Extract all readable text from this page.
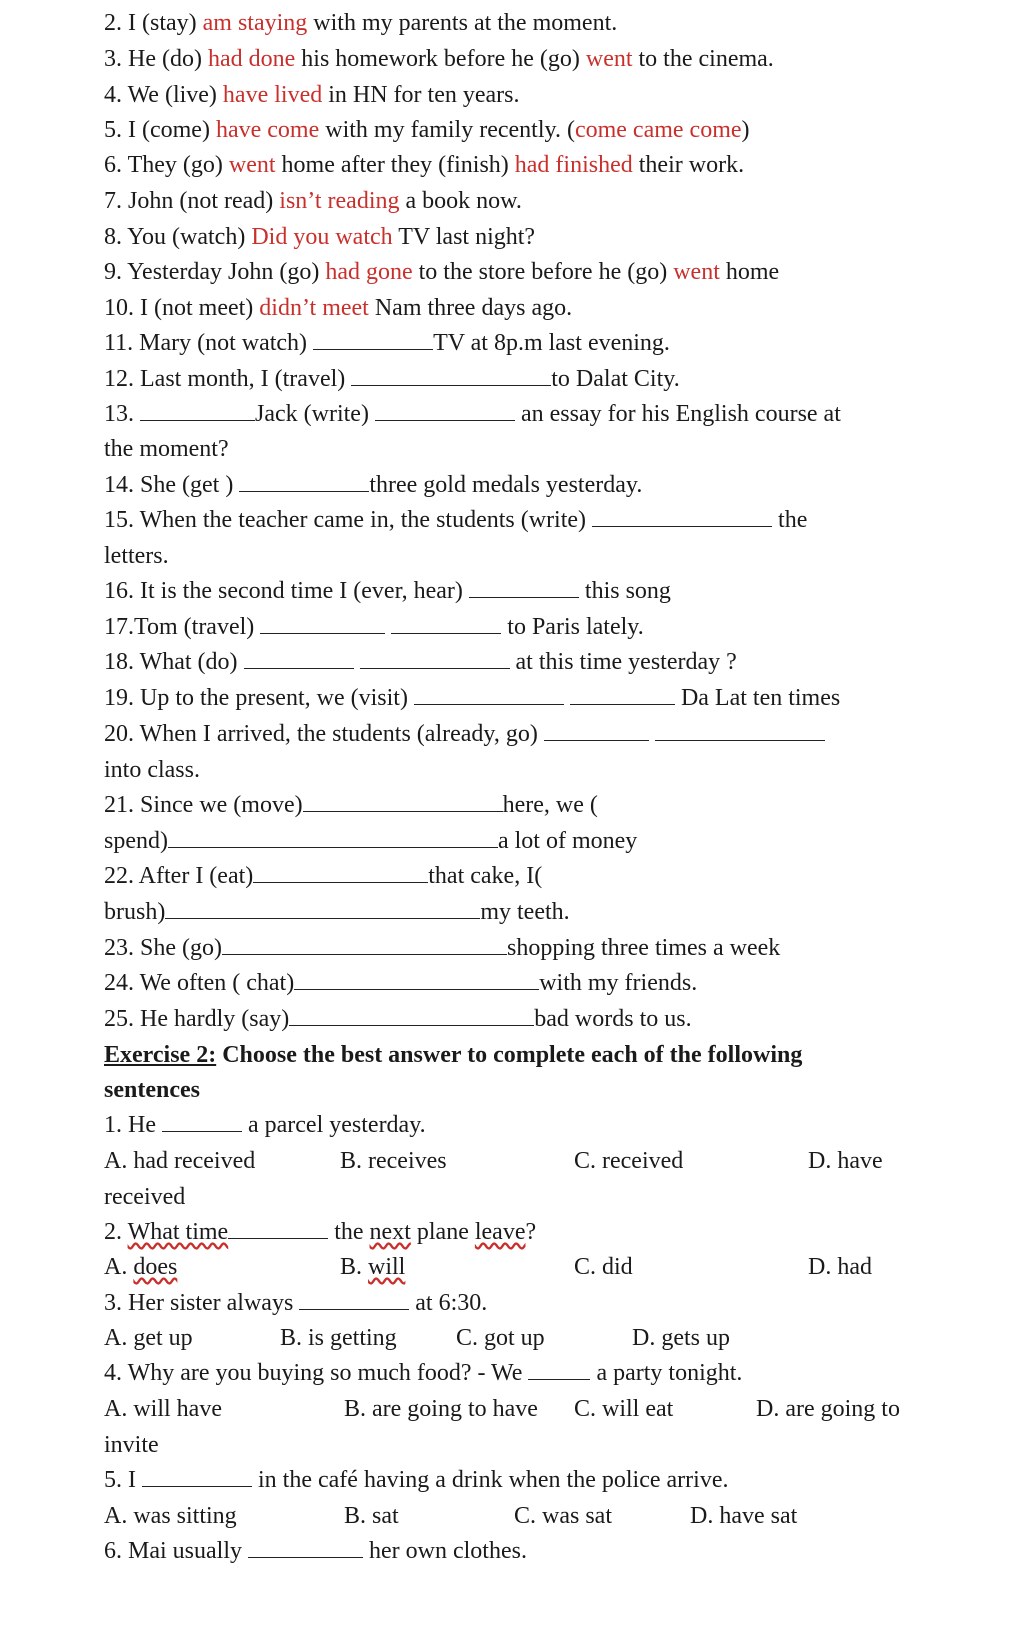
2. I (stay) am staying with my parents at the moment.
3. He (do) had done his homework before he (go) went to the cinema.
4. We (live) have lived in HN for ten years.
5. I (come) have come with my family recently. (come came come)
6. They (go) went home after they (finish) had finished their work.
7. John (not read) isn’t reading a book now.
8. You (watch) Did you watch TV last night?
9. Yesterday John (go) had gone to the store before he (go) went home
10. I (not meet) didn’t meet Nam three days ago.
11. Mary (not watch)	TV at 8p.m last evening.
12. Last month, I (travel)	to Dalat City.
13.	Jack (write)	an essay for his English course at
the moment?
14. She (get )	three gold medals yesterday.
15. When the teacher came in, the students (write)	the
letters.
16. It is the second time I (ever, hear)	this song
17.Tom (travel)	to Paris lately.
18. What (do)	at this time yesterday ?
19. Up to the present, we (visit)	Da Lat ten times
20. When I arrived, the students (already, go)
into class.
21. Since we (move)	here, we (
spend)	a lot of money
22. After I (eat)	that cake, I(
brush)	my teeth.
23. She (go)	shopping three times a week
24. We often ( chat)	with my friends.
25. He hardly (say)	bad words to us.
Exercise 2: Choose the best answer to complete each of the following
sentences
1. He	a parcel yesterday.
A. had received	B. receives	C. received	D. have
received
2. What time	the next plane leave?
A. does	B. will	C. did	D. had
3. Her sister always	at 6:30.
A. get up	B. is getting C. got up	D. gets up
4. Why are you buying so much food? - We	a party tonight.
A. will have	B. are going to have C. will eat	D. are going to
invite
5. I	in the café having a drink when the police arrive.
A. was sitting	B. sat	C. was sat	D. have sat
6. Mai usually	her own clothes.
